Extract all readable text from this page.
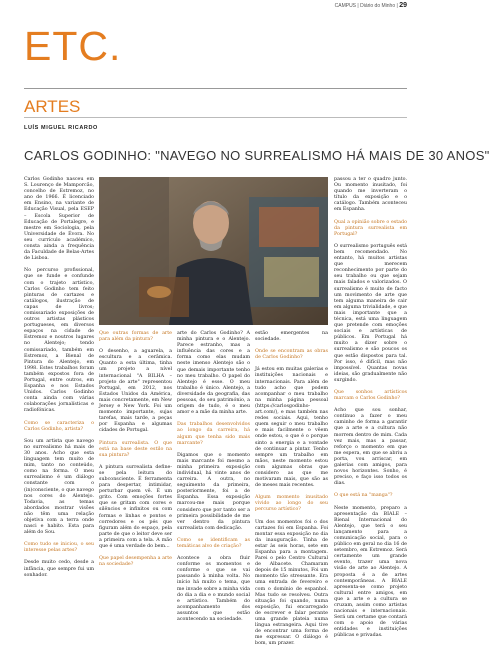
CAMPUS | Diário do Minho | 29
ETC.
ARTES
LUÍS MIGUEL RICARDO
CARLOS GODINHO: "NAVEGO NO SURREALISMO HÁ MAIS DE 30 ANOS"

Carlos Godinho nasceu em S. Lourenço de Mamporcão, concelho de Estremoz, no ano de 1966. É licenciado em Ensino, na variante de Educação Visual, pela ESEP – Escola Superior de Educação de Portalegre, e mestre em Sociologia, pela Universidade de Évora. No seu currículo académico, consta ainda a frequência da Faculdade de Belas-Artes de Lisboa.

No percurso profissional, que se funde e confunde com o trajeto artístico, Carlos Godinho tem feito pinturas de cartazes e catálogos, ilustração de capas de livros; comissariado exposições de outros artistas plásticos portugueses, em diversos espaços na cidade de Estremoz e noutros lugares no Alentejo; tendo comissariado, também em Estremoz, a Bienal de Pintura do Alentejo, em 1998. Estes trabalhos foram também expostos fora de Portugal, entre outros, em Espanha e nos Estados Unidos. Carlos Godinho conta ainda com várias colaborações jornalísticas e radiofónicas.

Como se caracteriza o Carlos Godinho, artista?

Sou um artista que navego no surrealismo há mais de 30 anos. Acho que esta linguagem tem muito de mim, tanto no conteúdo, como na forma. O meu surrealismo é um diálogo constante com o (in)consciente, o que navego nos cores do Alentejo. Todavia, as temas abordados mostrar visões não têm uma relação objetiva com a terra onde nasci e habito. Esta para além do Sou.

Como tudo se iniciou, o seu interesse pelas artes?

Desde muito cedo, desde a infância, que sempre fui um sonhador.

Que outras formas de arte para além da pintura?

O desenho, a aguarela, a escultura e a cerâmica. Quanto a esta última, tinha um projeto a nível internacional "A BILHA – projeto de arte" representou Portugal, em 2012, nos Estados Unidos da América, mais concretamente, em New Jersey e New York. Foi um momento importante, sujas tarefas, mais tarde, a peças por Espanha e algumas cidades de Portugal.

Pintura surrealista. O que está na base deste estilo na sua pintura?

A pintura surrealista define-se pela leitura do subconsciente. É ferramenta para despertar, intimidar, perturbar quem vê. É um grito. Com emoções fortes que se gritam com cores e silêncios e infinitos ou com formas e linhas e pontos e corredores e os pés que figuram além do espaço, pela parte de que o leitor deve ser a primeira com a tela. A mão que é uma verdade do bem...

Que papel desempenha a arte na sociedade?

arte do Carlos Godinho? A minha pintura e o Alentejo. Parece estranho, mas a influência das cores e a forma como elas mudam neste imenso Alentejo são o que demais importante tenho no meu trabalho. O papel do Alentejo é esse. O meu trabalho é único. Alentejo, a diversidade da geografia, das pessoas, do seu património, a origem de tudo, é o meu amor e a mãe da minha arte.

Das trabalhos desenvolvidos ao longo da carreira, há algum que tenha sido mais marcante?

Digamos que o momento mais marcante foi mesmo a minha primeira exposição individual, há vinte anos de carreira. A outra, no seguimento da primeira, posteriormente, foi a de Espanha. Essa exposição marcou-me mais porque considero que por tanto ser a primeira possibilidade de me ver dentro da pintura surrealista com dedicação.

Como se identificam as temáticas alvo de criação?

Acontece a obra fluir conforme os momentos e conforme o que se vai passando à minha volta. No início há muito o tema, que me invade sobre a minha vida do dia a dia e o mundo social e artístico. Também do acompanhamento dos assuntos que estão acontecendo na sociedade.

estão emergentes na sociedade.

Onde se encontram as obras de Carlos Godinho?

Já estou em muitas galerias e instituições nacionais e internacionais. Para além de tudo acho que podem acompanhar o meu trabalho na minha página pessoal (https://carlosgodinho-art.com/), e mas também nas redes sociais. Aqui, tenho quem seguir o meu trabalho e mais facilmente o vêem onde estou, o que é o porque sinto a energia e a vontade de continuar a pintar. Tenho sempre um trabalho em mãos, neste momento estou com algumas obras que considero as que me motivaram mais, que são as de meses mais recentes.

Algum momento inusitado vivido ao longo do seu percurso artístico?

Um dos momentos foi o dos cartazes foi em Espanha. Foi montar essa exposição no dia da inauguração. Tinha de estar às seis horas, sete em Espanha para a montagem. Parei o pelo Centro Cultural de Albacete. Chamaram depois de 15 minutos, Foi um momento tão stressante. Era uma entrada de fevereiro e com o domínio de espanhol. Mas tudo se resolveu. Outra situação foi quando, numa exposição, fui encarregado de escrever e falar perante uma grande plateia numa língua estrangeira. Aqui tive de encontrar uma forma de me expressar. O diálogo é bom, um prazer.

passou a ter o quadro junto. Ou momento inusitado, foi quando me inverteram o título da exposição e o catálogo. Também aconteceu em Espanha.

Qual a opinião sobre o estado da pintura surrealista em Portugal?

O surrealismo português está bem recomendado. No entanto, há muitos artistas que merecem reconhecimento por parte do seu trabalho ou que sejam mais falados e valorizados. O surrealismo é muito de facto um movimento de arte que tem alguma maneira de cair em alguma trivialidade, e que mais importante que a técnica, está uma linguagem que pretende com emoções sociais e artísticas de públicos. Em Portugal há muito a dizer sobre o surrealismo e são poucos os que estão dispostos para tal. Por isso, é difícil, mas não impossível. Quantas novas ideias, são gradualmente não surgindo.

Que sonhos artísticos marcam o Carlos Godinho?

Acho que sou sonhar, continuo a fazer o meu caminho de forma a garantir que a arte e a cultura não morrem dentro de mim. Cada vez mais, mas a passar, reforço o momento em que me espera, em que se abriu a porta, vou arriscar, em galerias com amigos, para novos horizontes. Sonho, é preciso, e faço isso todos os dias.

O que está na "manga"?

Neste momento, preparo a apresentação da BIALE – Bienal Internacional do Alentejo, que terá o seu lançamento para a comunicação social, para o público em geral no dia 16 de setembro, em Estremoz. Será certamente um grande evento, trazer uma nova visão de arte ao Alentejo. A proposta é a de artes contemporâneas. A BIALE apresenta-se como projeto cultural entre amigos, em que a arte e a cultura se cruzam, assim como artistas nacionais e internacionais. Será um certame que contará com o apoio de várias entidades e instituições públicas e privadas.
